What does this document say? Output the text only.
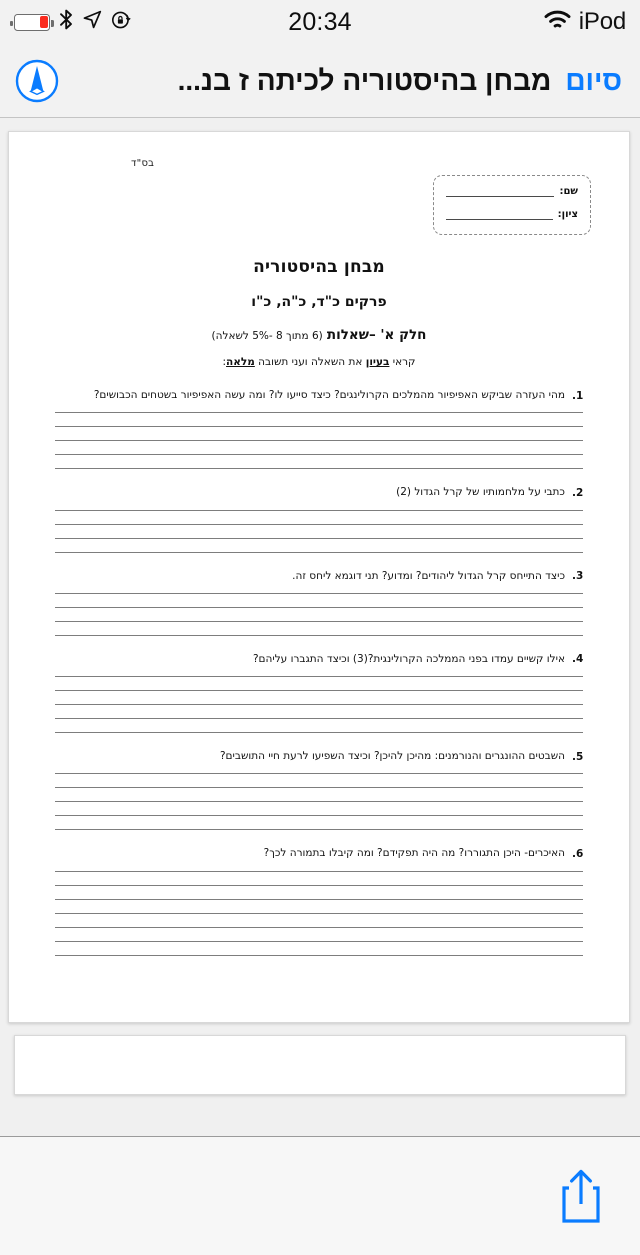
20:34	iPod
סיום
מבחן בהיסטוריה לכיתה ז בנ...
בס"ד
שם:
ציון:
מבחן בהיסטוריה
פרקים כ"ד, כ"ה, כ"ו
חלק א' –שאלות (6 מתוך 8 -5% לשאלה)
קראי בעיון את השאלה ועני תשובה מלאה:
1.
מהי העזרה שביקש האפיפיור מהמלכים הקרולינגים? כיצד סייעו לו? ומה עשה האפיפיור בשטחים הכבושים?
2.
כתבי על מלחמותיו של קרל הגדול (2)
3.
כיצד התייחס קרל הגדול ליהודים? ומדוע? תני דוגמא ליחס זה.
4.
אילו קשיים עמדו בפני הממלכה הקרולינגית?(3) וכיצד התגברו עליהם?
5.
השבטים ההונגרים והנורמנים: מהיכן להיכן? וכיצד השפיעו לרעת חיי התושבים?
6.
האיכרים- היכן התגוררו? מה היה תפקידם? ומה קיבלו בתמורה לכך?
